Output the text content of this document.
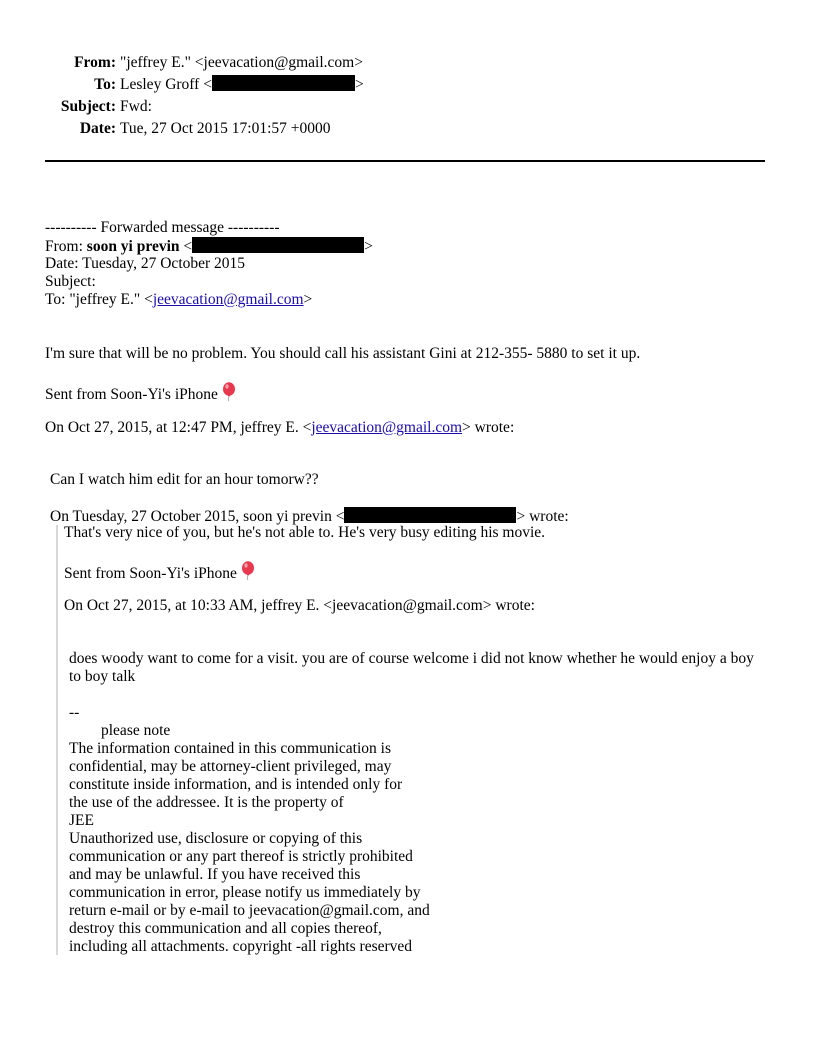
From: "jeffrey E." <jeevacation@gmail.com>
To: Lesley Groff <	>
Subject: Fwd:
Date: Tue, 27 Oct 2015 17:01:57 +0000
---------- Forwarded message ----------
From: soon yi previn <	>
Date: Tuesday, 27 October 2015
Subject:
To: "jeffrey E." <jeevacation@gmail.com>
I'm sure that will be no problem. You should call his assistant Gini at 212-355- 5880 to set it up.
Sent from Soon-Yi's iPhone
On Oct 27, 2015, at 12:47 PM, jeffrey E. <jeevacation@gmail.com> wrote:
Can I watch him edit for an hour tomorw??
On Tuesday, 27 October 2015, soon yi previn <	> wrote:
That's very nice of you, but he's not able to. He's very busy editing his movie.
Sent from Soon-Yi's iPhone
On Oct 27, 2015, at 10:33 AM, jeffrey E. <jeevacation@gmail.com> wrote:
does woody want to come for a visit. you are of course welcome i did not know whether he would enjoy a boy to boy talk
--
please note
The information contained in this communication is
confidential, may be attorney-client privileged, may
constitute inside information, and is intended only for
the use of the addressee. It is the property of
JEE
Unauthorized use, disclosure or copying of this
communication or any part thereof is strictly prohibited
and may be unlawful. If you have received this
communication in error, please notify us immediately by
return e-mail or by e-mail to jeevacation@gmail.com, and
destroy this communication and all copies thereof,
including all attachments. copyright -all rights reserved
